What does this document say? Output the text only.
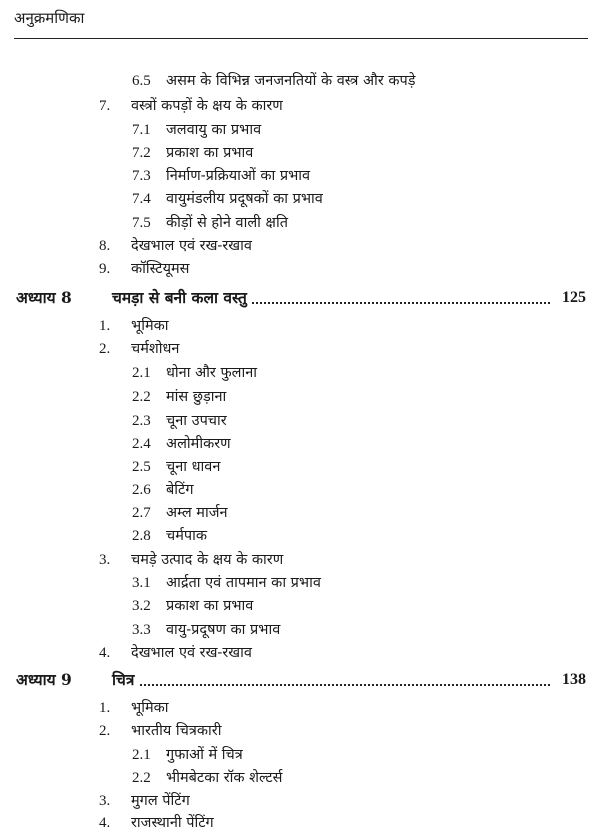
अनुक्रमणिका
6.5 असम के विभिन्न जनजनतियों के वस्त्र और कपड़े
7. वस्त्रों कपड़ों के क्षय के कारण
7.1 जलवायु का प्रभाव
7.2 प्रकाश का प्रभाव
7.3 निर्माण-प्रक्रियाओं का प्रभाव
7.4 वायुमंडलीय प्रदूषकों का प्रभाव
7.5 कीड़ों से होने वाली क्षति
8. देखभाल एवं रख-रखाव
9. कॉस्टियूमस
अध्याय 8	चमड़ा से बनी कला वस्तु	125
1. भूमिका
2. चर्मशोधन
2.1 धोना और फुलाना
2.2 मांस छुड़ाना
2.3 चूना उपचार
2.4 अलोमीकरण
2.5 चूना धावन
2.6 बेटिंग
2.7 अम्ल मार्जन
2.8 चर्मपाक
3. चमड़े उत्पाद के क्षय के कारण
3.1 आर्द्रता एवं तापमान का प्रभाव
3.2 प्रकाश का प्रभाव
3.3 वायु-प्रदूषण का प्रभाव
4. देखभाल एवं रख-रखाव
अध्याय 9	चित्र	138
1. भूमिका
2. भारतीय चित्रकारी
2.1 गुफाओं में चित्र
2.2 भीमबेटका रॉक शेल्टर्स
3. मुगल पेंटिंग
4. राजस्थानी पेंटिंग
